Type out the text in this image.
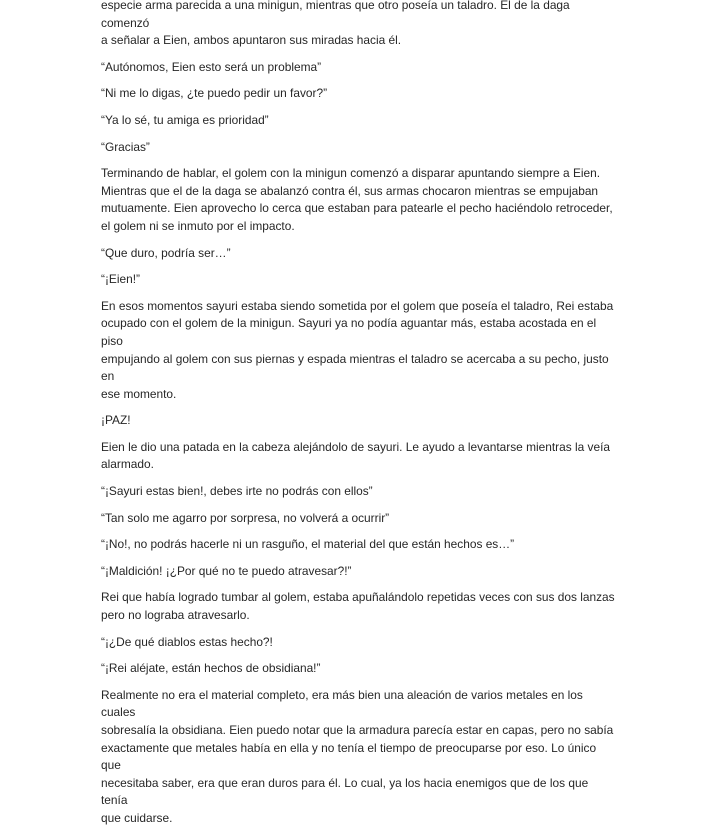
especie arma parecida a una minigun, mientras que otro poseía un taladro. El de la daga comenzó
a señalar a Eien, ambos apuntaron sus miradas hacia él.

“Autónomos, Eien esto será un problema”

“Ni me lo digas, ¿te puedo pedir un favor?”

“Ya lo sé, tu amiga es prioridad”

“Gracias”

Terminando de hablar, el golem con la minigun comenzó a disparar apuntando siempre a Eien.
Mientras que el de la daga se abalanzó contra él, sus armas chocaron mientras se empujaban
mutuamente. Eien aprovecho lo cerca que estaban para patearle el pecho haciéndolo retroceder,
el golem ni se inmuto por el impacto.

“Que duro, podría ser…”

“¡Eien!”

En esos momentos sayuri estaba siendo sometida por el golem que poseía el taladro, Rei estaba
ocupado con el golem de la minigun. Sayuri ya no podía aguantar más, estaba acostada en el piso
empujando al golem con sus piernas y espada mientras el taladro se acercaba a su pecho, justo en
ese momento.

¡PAZ!

Eien le dio una patada en la cabeza alejándolo de sayuri. Le ayudo a levantarse mientras la veía
alarmado.

“¡Sayuri estas bien!, debes irte no podrás con ellos”

“Tan solo me agarro por sorpresa, no volverá a ocurrir”

“¡No!, no podrás hacerle ni un rasguño, el material del que están hechos es…”

“¡Maldición! ¡¿Por qué no te puedo atravesar?!”

Rei que había logrado tumbar al golem, estaba apuñalándolo repetidas veces con sus dos lanzas
pero no lograba atravesarlo.

“¡¿De qué diablos estas hecho?!

“¡Rei aléjate, están hechos de obsidiana!”

Realmente no era el material completo, era más bien una aleación de varios metales en los cuales
sobresalía la obsidiana. Eien puedo notar que la armadura parecía estar en capas, pero no sabía
exactamente que metales había en ella y no tenía el tiempo de preocuparse por eso. Lo único que
necesitaba saber, era que eran duros para él. Lo cual, ya los hacia enemigos que de los que tenía
que cuidarse.
